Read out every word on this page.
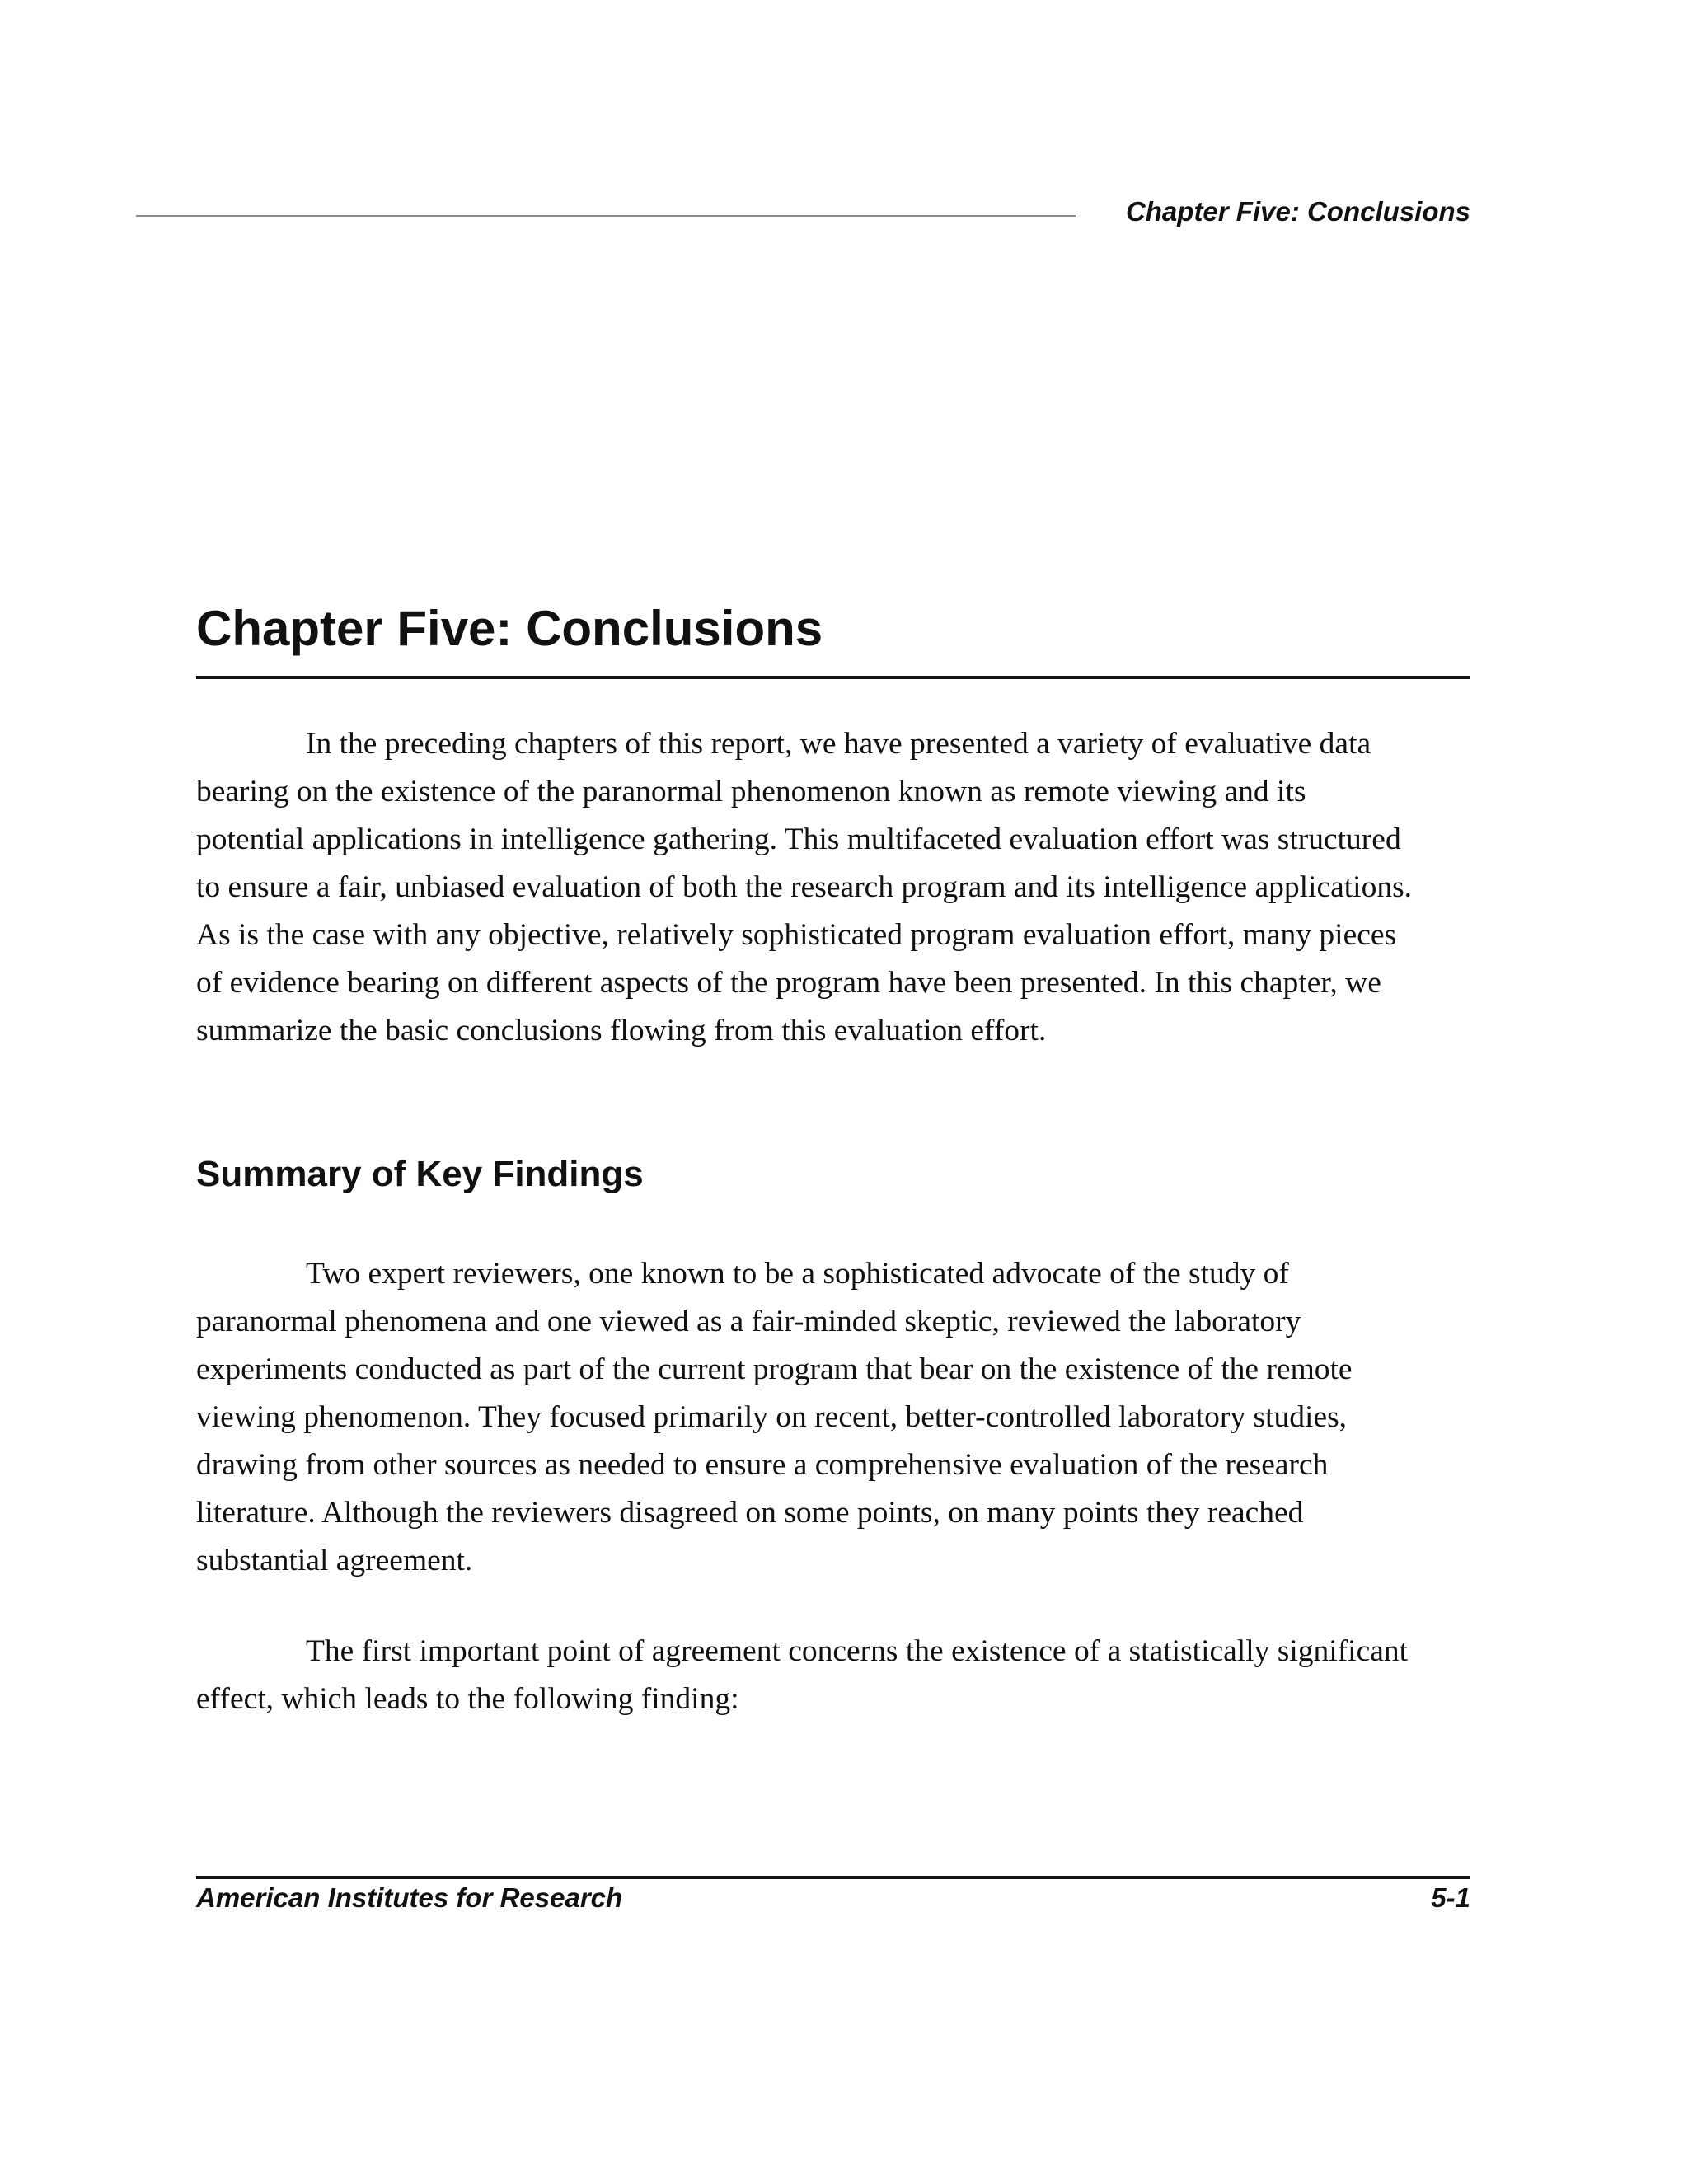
Chapter Five: Conclusions
Chapter Five: Conclusions

In the preceding chapters of this report, we have presented a variety of evaluative data
bearing on the existence of the paranormal phenomenon known as remote viewing and its
potential applications in intelligence gathering. This multifaceted evaluation effort was structured
to ensure a fair, unbiased evaluation of both the research program and its intelligence applications.
As is the case with any objective, relatively sophisticated program evaluation effort, many pieces
of evidence bearing on different aspects of the program have been presented. In this chapter, we
summarize the basic conclusions flowing from this evaluation effort.

Summary of Key Findings

Two expert reviewers, one known to be a sophisticated advocate of the study of
paranormal phenomena and one viewed as a fair-minded skeptic, reviewed the laboratory
experiments conducted as part of the current program that bear on the existence of the remote
viewing phenomenon. They focused primarily on recent, better-controlled laboratory studies,
drawing from other sources as needed to ensure a comprehensive evaluation of the research
literature. Although the reviewers disagreed on some points, on many points they reached
substantial agreement.

The first important point of agreement concerns the existence of a statistically significant
effect, which leads to the following finding:

American Institutes for Research	5-1
